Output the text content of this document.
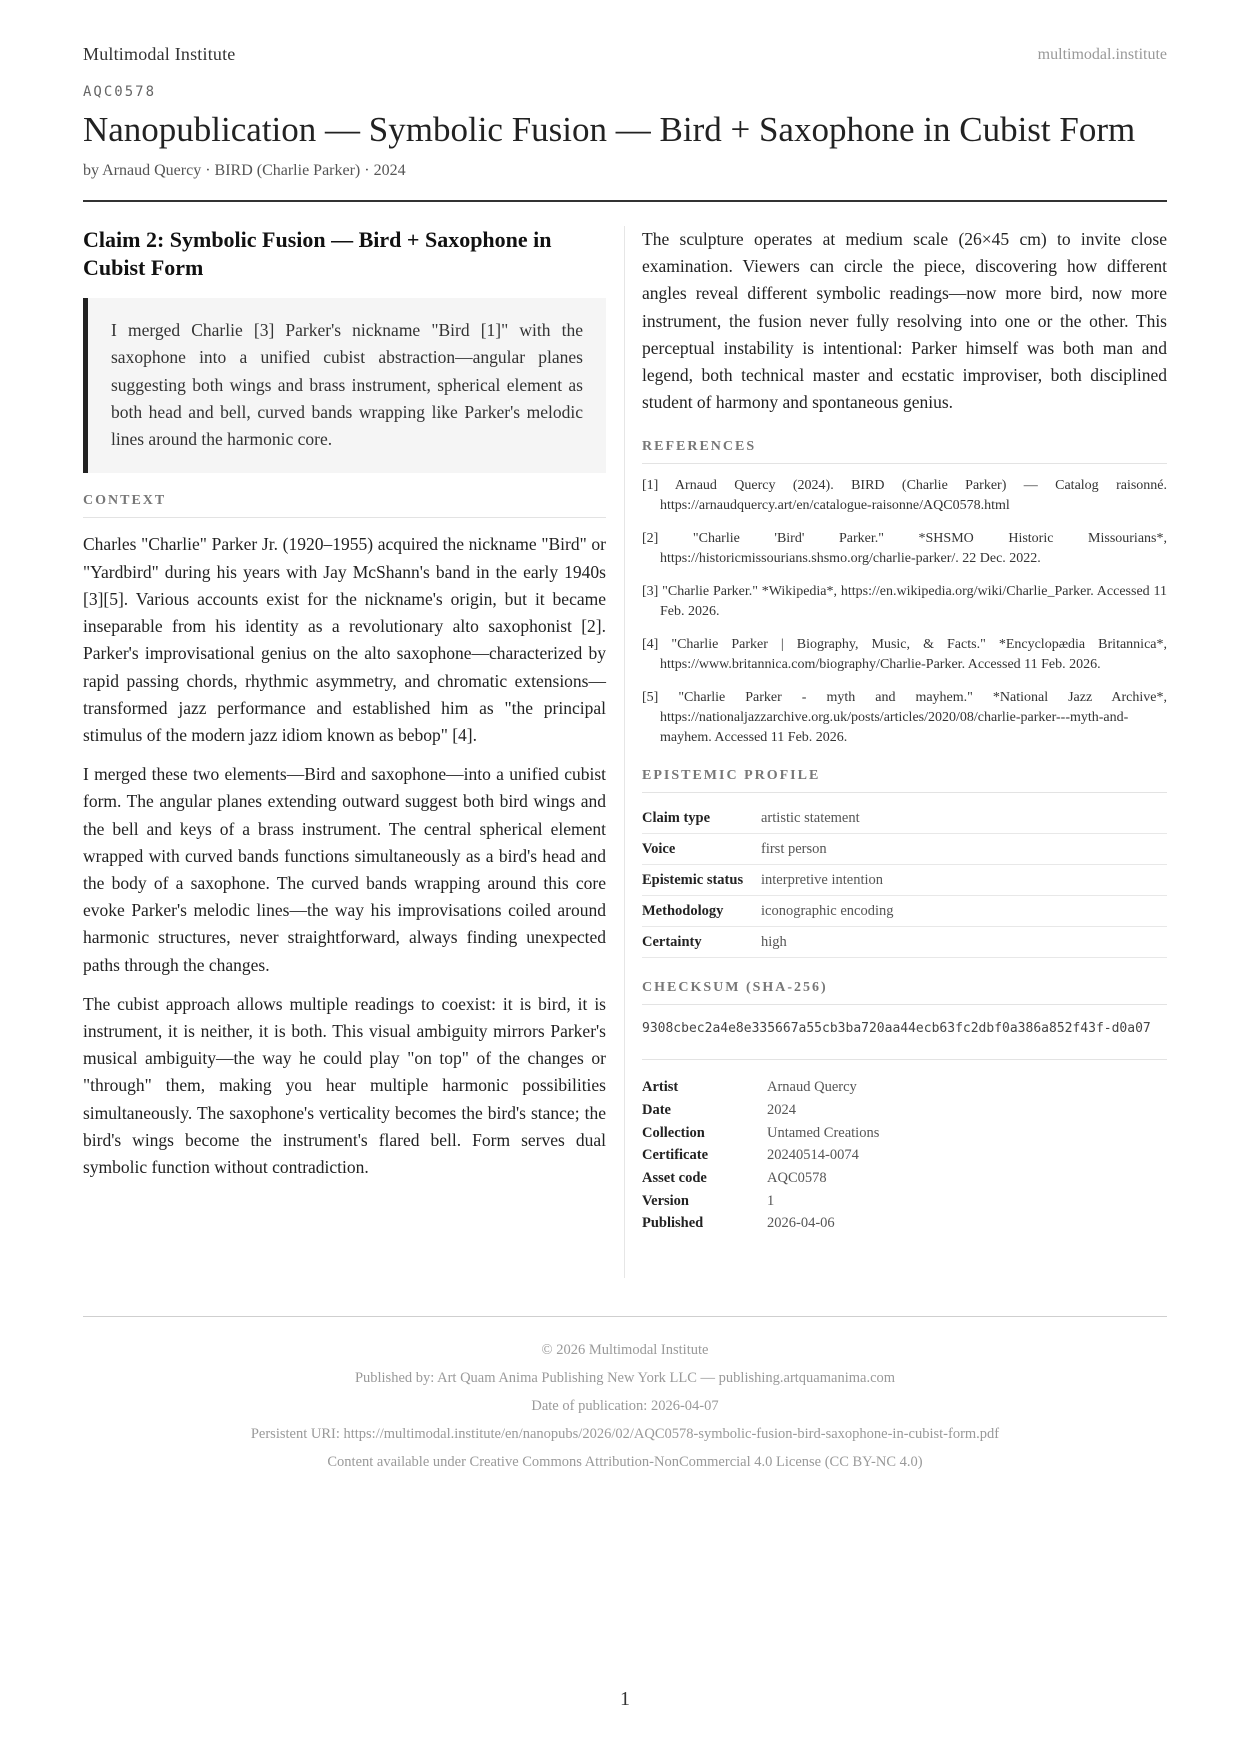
Multimodal Institute	multimodal.institute
AQC0578
Nanopublication — Symbolic Fusion — Bird + Saxophone in Cubist Form
by Arnaud Quercy · BIRD (Charlie Parker) · 2024
Claim 2: Symbolic Fusion — Bird + Saxophone in Cubist Form
I merged Charlie [3] Parker's nickname "Bird [1]" with the saxophone into a unified cubist abstraction—angular planes suggesting both wings and brass instrument, spherical element as both head and bell, curved bands wrapping like Parker's melodic lines around the harmonic core.
CONTEXT

Charles "Charlie" Parker Jr. (1920–1955) acquired the nickname "Bird" or "Yardbird" during his years with Jay McShann's band in the early 1940s [3][5]. Various accounts exist for the nickname's origin, but it became inseparable from his identity as a revolutionary alto saxophonist [2]. Parker's improvisational genius on the alto saxophone—characterized by rapid passing chords, rhythmic asymmetry, and chromatic extensions—transformed jazz performance and established him as "the principal stimulus of the modern jazz idiom known as bebop" [4].

I merged these two elements—Bird and saxophone—into a unified cubist form. The angular planes extending outward suggest both bird wings and the bell and keys of a brass instrument. The central spherical element wrapped with curved bands functions simultaneously as a bird's head and the body of a saxophone. The curved bands wrapping around this core evoke Parker's melodic lines—the way his improvisations coiled around harmonic structures, never straightforward, always finding unexpected paths through the changes.

The cubist approach allows multiple readings to coexist: it is bird, it is instrument, it is neither, it is both. This visual ambiguity mirrors Parker's musical ambiguity—the way he could play "on top" of the changes or "through" them, making you hear multiple harmonic possibilities simultaneously. The saxophone's verticality becomes the bird's stance; the bird's wings become the instrument's flared bell. Form serves dual symbolic function without contradiction.

The sculpture operates at medium scale (26×45 cm) to invite close examination. Viewers can circle the piece, discovering how different angles reveal different symbolic readings—now more bird, now more instrument, the fusion never fully resolving into one or the other. This perceptual instability is intentional: Parker himself was both man and legend, both technical master and ecstatic improviser, both disciplined student of harmony and spontaneous genius.

REFERENCES
[1] Arnaud Quercy (2024). BIRD (Charlie Parker) — Catalog raisonné. https://arnaudquercy.art/en/catalogue-raisonne/AQC0578.html
[2] "Charlie 'Bird' Parker." *SHSMO Historic Missourians*, https://historicmissourians.shsmo.org/charlie-parker/. 22 Dec. 2022.
[3] "Charlie Parker." *Wikipedia*, https://en.wikipedia.org/wiki/Charlie_Parker. Accessed 11 Feb. 2026.
[4] "Charlie Parker | Biography, Music, & Facts." *Encyclopædia Britannica*, https://www.britannica.com/biography/Charlie-Parker. Accessed 11 Feb. 2026.
[5] "Charlie Parker - myth and mayhem." *National Jazz Archive*, https://nationaljazzarchive.org.uk/posts/articles/2020/08/charlie-parker---myth-and-mayhem. Accessed 11 Feb. 2026.
EPISTEMIC PROFILE
Claim type	artistic statement
Voice	first person
Epistemic status	interpretive intention
Methodology	iconographic encoding
Certainty	high
CHECKSUM (SHA-256)
9308cbec2a4e8e335667a55cb3ba720aa44ecb63fc2dbf0a386a852f43f-d0a07
Artist	Arnaud Quercy
Date	2024
Collection	Untamed Creations
Certificate	20240514-0074
Asset code	AQC0578
Version	1
Published	2026-04-06
© 2026 Multimodal Institute
Published by: Art Quam Anima Publishing New York LLC — publishing.artquamanima.com
Date of publication: 2026-04-07
Persistent URI: https://multimodal.institute/en/nanopubs/2026/02/AQC0578-symbolic-fusion-bird-saxophone-in-cubist-form.pdf
Content available under Creative Commons Attribution-NonCommercial 4.0 License (CC BY-NC 4.0)
1
